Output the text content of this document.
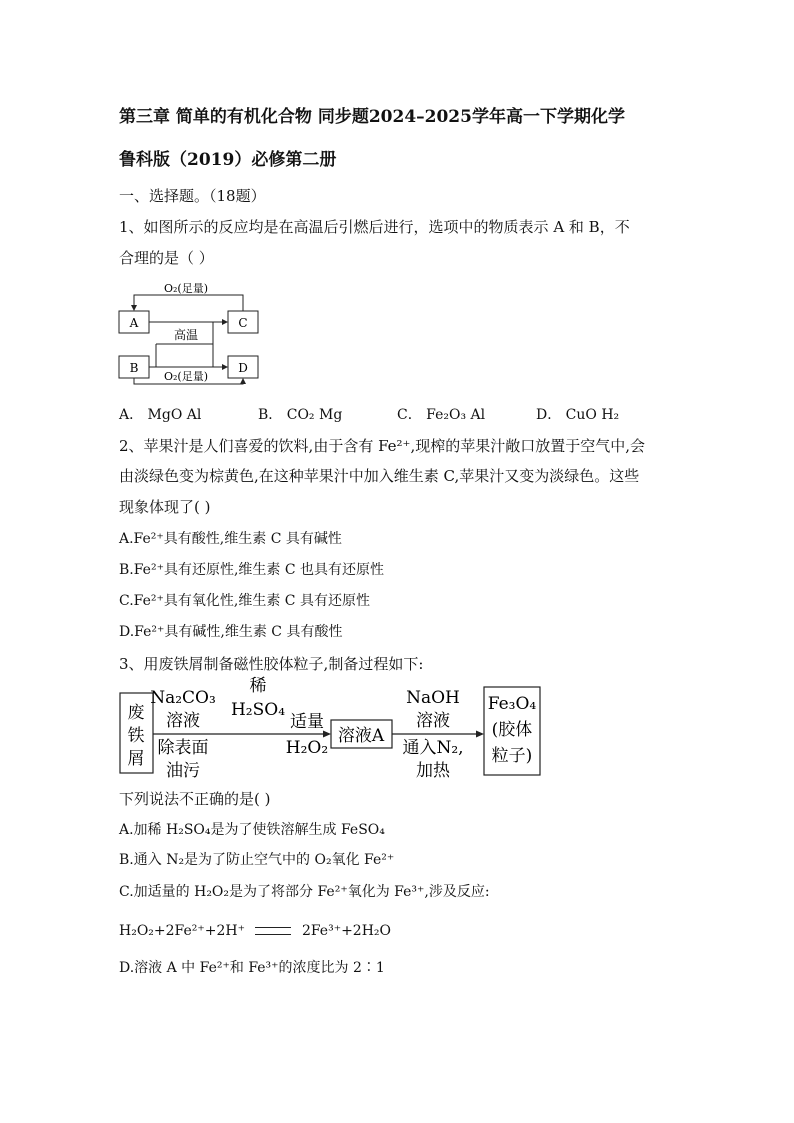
第三章 简单的有机化合物 同步题2024–2025学年高一下学期化学
鲁科版（2019）必修第二册
一、选择题。（18题）
1、如图所示的反应均是在高温后引燃后进行，选项中的物质表示 A 和 B，不
合理的是（ ）
A	C
B	D
O₂(足量)
高温
O₂(足量)
A． MgO Al	B． CO₂ Mg	C． Fe₂O₃ Al	D． CuO H₂
2、苹果汁是人们喜爱的饮料,由于含有 Fe²⁺,现榨的苹果汁敞口放置于空气中,会
由淡绿色变为棕黄色,在这种苹果汁中加入维生素 C,苹果汁又变为淡绿色。这些
现象体现了( )
A.Fe²⁺具有酸性,维生素 C 具有碱性
B.Fe²⁺具有还原性,维生素 C 也具有还原性
C.Fe²⁺具有氧化性,维生素 C 具有还原性
D.Fe²⁺具有碱性,维生素 C 具有酸性
3、用废铁屑制备磁性胶体粒子,制备过程如下:
废
铁
屑
Na₂CO₃
溶液
除表面
油污
稀
H₂SO₄
适量
H₂O₂
溶液A
NaOH
溶液
通入N₂,
加热
Fe₃O₄
(胶体
粒子)
下列说法不正确的是( )
A.加稀 H₂SO₄是为了使铁溶解生成 FeSO₄
B.通入 N₂是为了防止空气中的 O₂氧化 Fe²⁺
C.加适量的 H₂O₂是为了将部分 Fe²⁺氧化为 Fe³⁺,涉及反应:
H₂O₂+2Fe²⁺+2H⁺	2Fe³⁺+2H₂O
D.溶液 A 中 Fe²⁺和 Fe³⁺的浓度比为 2∶1
